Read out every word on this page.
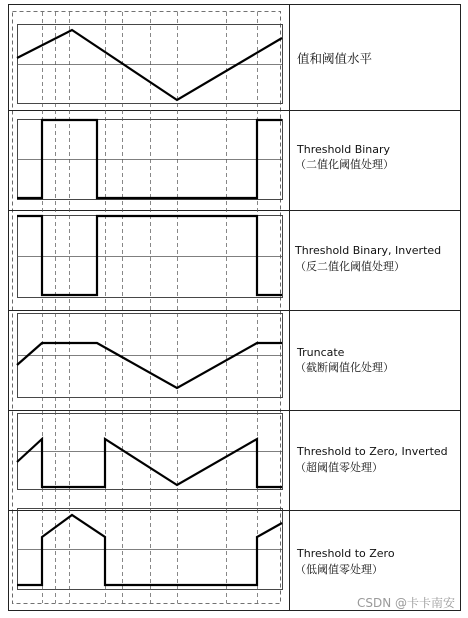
值和阈值水平
Threshold Binary
（二值化阈值处理）
Threshold Binary, Inverted
（反二值化阈值处理）
Truncate
（截断阈值化处理）
Threshold to Zero, Inverted
（超阈值零处理）
Threshold to Zero
（低阈值零处理）
CSDN @卡卡南安
